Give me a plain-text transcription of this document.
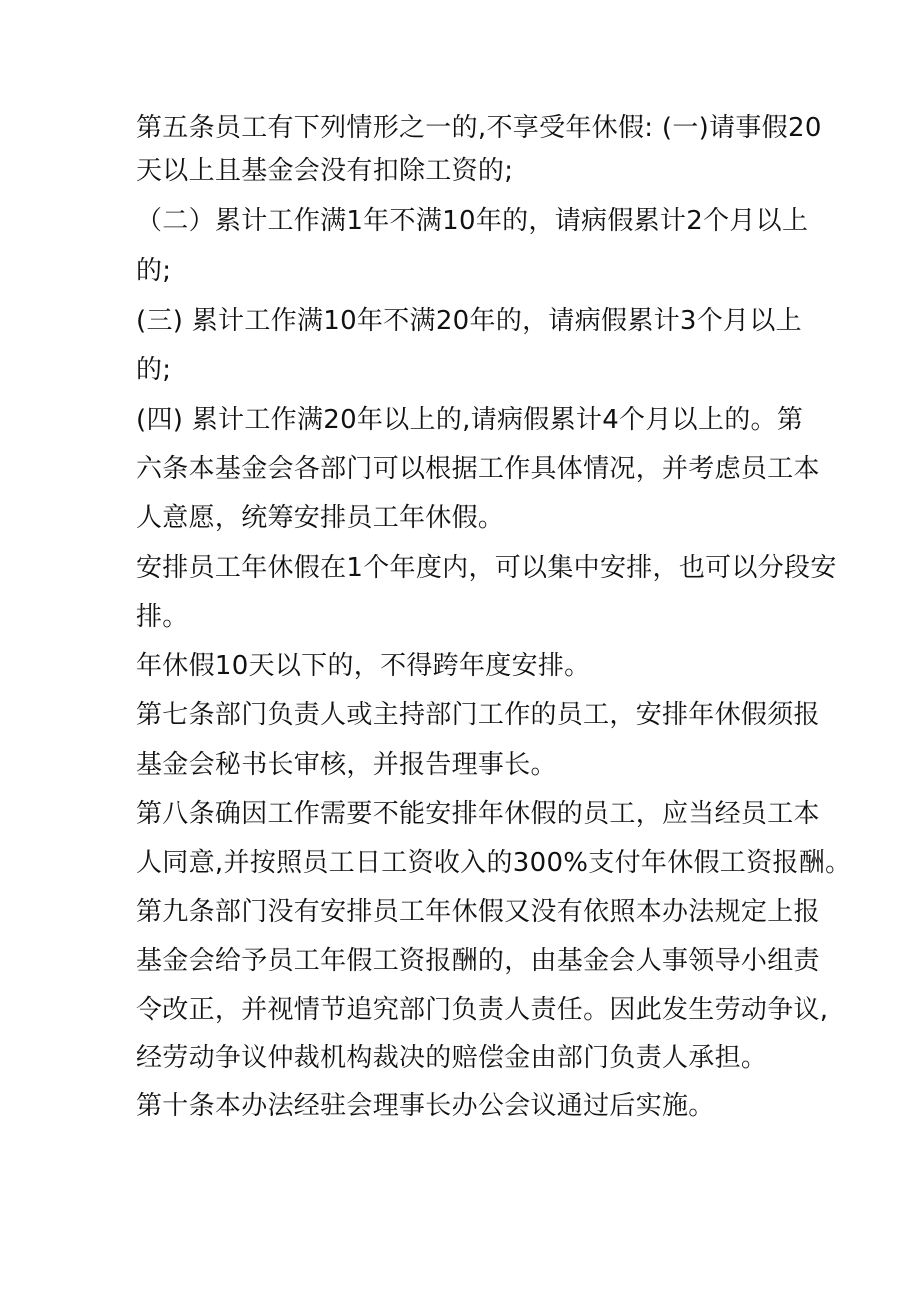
第五条员工有下列情形之一的,不享受年休假: (一)请事假20
天以上且基金会没有扣除工资的;
（二）累计工作满1年不满10年的，请病假累计2个月以上
的;
(三) 累计工作满10年不满20年的，请病假累计3个月以上
的;
(四) 累计工作满20年以上的,请病假累计4个月以上的。第
六条本基金会各部门可以根据工作具体情况，并考虑员工本
人意愿，统筹安排员工年休假。
安排员工年休假在1个年度内，可以集中安排，也可以分段安
排。
年休假10天以下的，不得跨年度安排。
第七条部门负责人或主持部门工作的员工，安排年休假须报
基金会秘书长审核，并报告理事长。
第八条确因工作需要不能安排年休假的员工，应当经员工本
人同意,并按照员工日工资收入的300%支付年休假工资报酬。
第九条部门没有安排员工年休假又没有依照本办法规定上报
基金会给予员工年假工资报酬的，由基金会人事领导小组责
令改正，并视情节追究部门负责人责任。因此发生劳动争议,
经劳动争议仲裁机构裁决的赔偿金由部门负责人承担。
第十条本办法经驻会理事长办公会议通过后实施。
